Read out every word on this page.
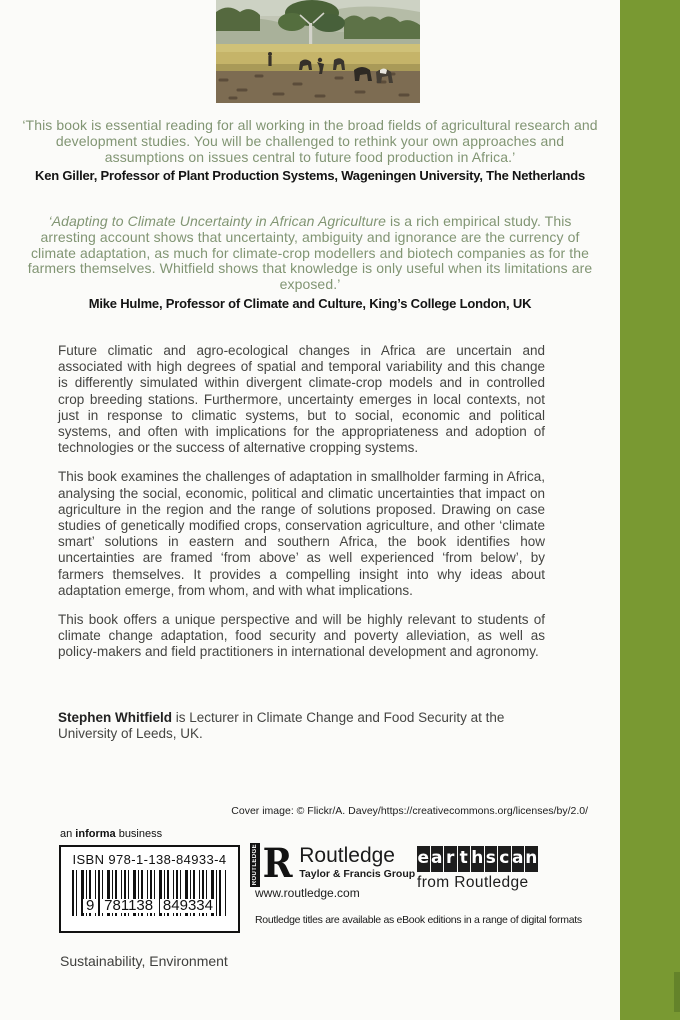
‘This book is essential reading for all working in the broad fields of agricultural research and development studies. You will be challenged to rethink your own approaches and assumptions on issues central to future food production in Africa.’

Ken Giller, Professor of Plant Production Systems, Wageningen University, The Netherlands

‘Adapting to Climate Uncertainty in African Agriculture is a rich empirical study. This arresting account shows that uncertainty, ambiguity and ignorance are the currency of climate adaptation, as much for climate-crop modellers and biotech companies as for the farmers themselves. Whitfield shows that knowledge is only useful when its limitations are exposed.’

Mike Hulme, Professor of Climate and Culture, King’s College London, UK

Future climatic and agro-ecological changes in Africa are uncertain and associated with high degrees of spatial and temporal variability and this change is differently simulated within divergent climate-crop models and in controlled crop breeding stations. Furthermore, uncertainty emerges in local contexts, not just in response to climatic systems, but to social, economic and political systems, and often with implications for the appropriateness and adoption of technologies or the success of alternative cropping systems.

This book examines the challenges of adaptation in smallholder farming in Africa, analysing the social, economic, political and climatic uncertainties that impact on agriculture in the region and the range of solutions proposed. Drawing on case studies of genetically modified crops, conservation agriculture, and other ‘climate smart’ solutions in eastern and southern Africa, the book identifies how uncertainties are framed ‘from above’ as well experienced ‘from below’, by farmers themselves. It provides a compelling insight into why ideas about adaptation emerge, from whom, and with what implications.

This book offers a unique perspective and will be highly relevant to students of climate change adaptation, food security and poverty alleviation, as well as policy-makers and field practitioners in international development and agronomy.

Stephen Whitfield is Lecturer in Climate Change and Food Security at the University of Leeds, UK.
Cover image: © Flickr/A. Davey/https://creativecommons.org/licenses/by/2.0/
an informa business
ISBN 978-1-138-84933-4
9 781138 849334
ROUTLEDGE R Routledge
Taylor & Francis Group
www.routledge.com
e a r t h s c a n
from Routledge
Routledge titles are available as eBook editions in a range of digital formats
Sustainability, Environment
